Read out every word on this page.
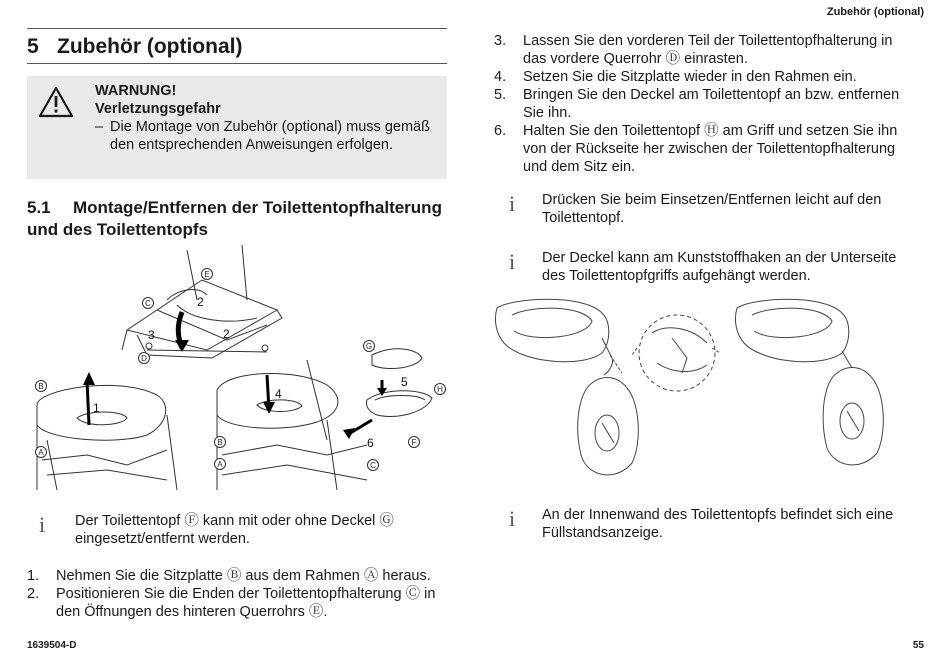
Zubehör (optional)
1639504-D	55
5 Zubehör (optional)
WARNUNG!
Verletzungsgefahr
– Die Montage von Zubehör (optional) muss gemäß den entsprechenden Anweisungen erfolgen.
5.1 Montage/Entfernen der Toilettentopfhalterung und des Toilettentopfs
E
C
D
G
B
A
H
B
A
F
C
2
2
3
5
1
4
6
i Der Toilettentopf Ⓕ kann mit oder ohne Deckel Ⓖ eingesetzt/entfernt werden.
1.	Nehmen Sie die Sitzplatte Ⓑ aus dem Rahmen Ⓐ heraus.
2.	Positionieren Sie die Enden der Toilettentopfhalterung Ⓒ in den Öffnungen des hinteren Querrohrs Ⓔ.
3.	Lassen Sie den vorderen Teil der Toilettentopfhalterung in das vordere Querrohr Ⓓ einrasten.
4.	Setzen Sie die Sitzplatte wieder in den Rahmen ein.
5.	Bringen Sie den Deckel am Toilettentopf an bzw. entfernen Sie ihn.
6.	Halten Sie den Toilettentopf Ⓗ am Griff und setzen Sie ihn von der Rückseite her zwischen der Toilettentopfhalterung und dem Sitz ein.
i Drücken Sie beim Einsetzen/Entfernen leicht auf den Toilettentopf.
i Der Deckel kann am Kunststoffhaken an der Unterseite des Toilettentopfgriffs aufgehängt werden.
i An der Innenwand des Toilettentopfs befindet sich eine Füllstandsanzeige.
